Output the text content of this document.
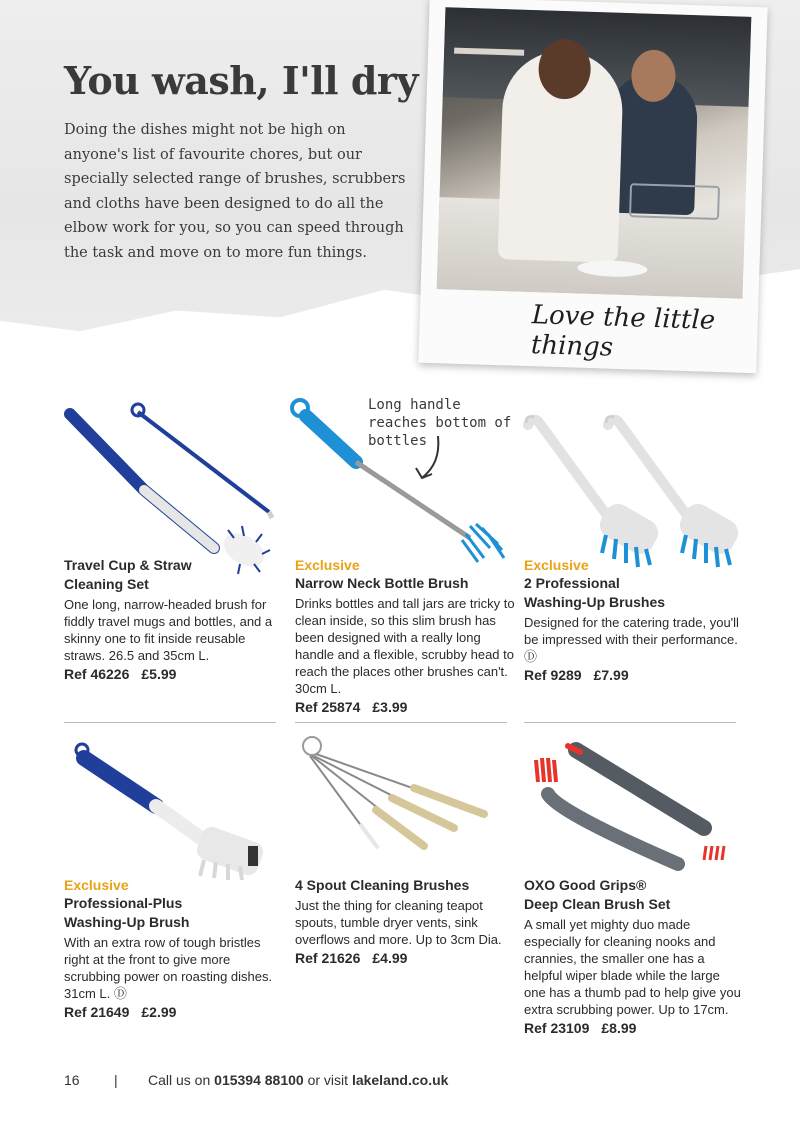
You wash, I'll dry

Doing the dishes might not be high on anyone's list of favourite chores, but our specially selected range of brushes, scrubbers and cloths have been designed to do all the elbow work for you, so you can speed through the task and move on to more fun things.

Love the little things
Long handle reaches bottom of bottles
Travel Cup & Straw Cleaning Set
One long, narrow-headed brush for fiddly travel mugs and bottles, and a skinny one to fit inside reusable straws. 26.5 and 35cm L.
Ref 46226 £5.99
Exclusive
Narrow Neck Bottle Brush
Drinks bottles and tall jars are tricky to clean inside, so this slim brush has been designed with a really long handle and a flexible, scrubby head to reach the places other brushes can't. 30cm L.
Ref 25874 £3.99
Exclusive
2 Professional Washing-Up Brushes
Designed for the catering trade, you'll be impressed with their performance. Ⓓ
Ref 9289 £7.99
Exclusive
Professional-Plus Washing-Up Brush
With an extra row of tough bristles right at the front to give more scrubbing power on roasting dishes. 31cm L. Ⓓ
Ref 21649 £2.99
4 Spout Cleaning Brushes
Just the thing for cleaning teapot spouts, tumble dryer vents, sink overflows and more. Up to 3cm Dia.
Ref 21626 £4.99
OXO Good Grips® Deep Clean Brush Set
A small yet mighty duo made especially for cleaning nooks and crannies, the smaller one has a helpful wiper blade while the large one has a thumb pad to help give you extra scrubbing power. Up to 17cm.
Ref 23109 £8.99
16 | Call us on 015394 88100 or visit lakeland.co.uk
